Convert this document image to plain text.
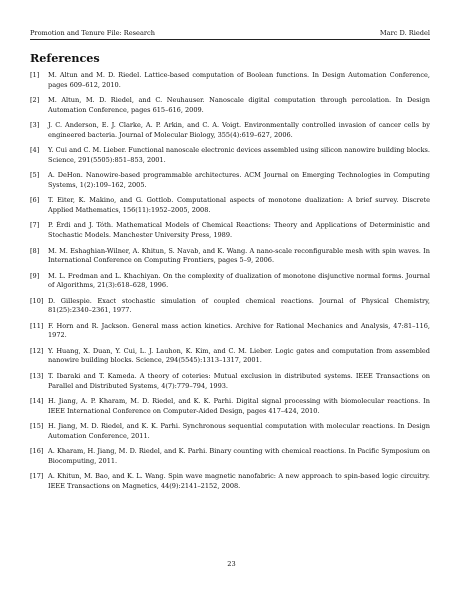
Promotion and Tenure File: Research	Marc D. Riedel
References
[1]	M. Altun and M. D. Riedel. Lattice-based computation of Boolean functions. In Design Automation Conference, pages 609–612, 2010.
[2]	M. Altun, M. D. Riedel, and C. Neuhauser. Nanoscale digital computation through percolation. In Design Automation Conference, pages 615–616, 2009.
[3]	J. C. Anderson, E. J. Clarke, A. P. Arkin, and C. A. Voigt. Environmentally controlled invasion of cancer cells by engineered bacteria. Journal of Molecular Biology, 355(4):619–627, 2006.
[4]	Y. Cui and C. M. Lieber. Functional nanoscale electronic devices assembled using silicon nanowire building blocks. Science, 291(5505):851–853, 2001.
[5]	A. DeHon. Nanowire-based programmable architectures. ACM Journal on Emerging Technologies in Computing Systems, 1(2):109–162, 2005.
[6]	T. Eiter, K. Makino, and G. Gottlob. Computational aspects of monotone dualization: A brief survey. Discrete Applied Mathematics, 156(11):1952–2005, 2008.
[7]	P. Érdi and J. Tóth. Mathematical Models of Chemical Reactions: Theory and Applications of Deterministic and Stochastic Models. Manchester University Press, 1989.
[8]	M. M. Eshaghian-Wilner, A. Khitun, S. Navab, and K. Wang. A nano-scale reconfigurable mesh with spin waves. In International Conference on Computing Frontiers, pages 5–9, 2006.
[9]	M. L. Fredman and L. Khachiyan. On the complexity of dualization of monotone disjunctive normal forms. Journal of Algorithms, 21(3):618–628, 1996.
[10] D. Gillespie. Exact stochastic simulation of coupled chemical reactions. Journal of Physical Chemistry, 81(25):2340–2361, 1977.
[11] F. Horn and R. Jackson. General mass action kinetics. Archive for Rational Mechanics and Analysis, 47:81–116, 1972.
[12] Y. Huang, X. Duan, Y. Cui, L. J. Lauhon, K. Kim, and C. M. Lieber. Logic gates and computation from assembled nanowire building blocks. Science, 294(5545):1313–1317, 2001.
[13] T. Ibaraki and T. Kameda. A theory of coteries: Mutual exclusion in distributed systems. IEEE Transactions on Parallel and Distributed Systems, 4(7):779–794, 1993.
[14] H. Jiang, A. P. Kharam, M. D. Riedel, and K. K. Parhi. Digital signal processing with biomolecular reactions. In IEEE International Conference on Computer-Aided Design, pages 417–424, 2010.
[15] H. Jiang, M. D. Riedel, and K. K. Parhi. Synchronous sequential computation with molecular reactions. In Design Automation Conference, 2011.
[16] A. Kharam, H. Jiang, M. D. Riedel, and K. Parhi. Binary counting with chemical reactions. In Pacific Symposium on Biocomputing, 2011.
[17] A. Khitun, M. Bao, and K. L. Wang. Spin wave magnetic nanofabric: A new approach to spin-based logic circuitry. IEEE Transactions on Magnetics, 44(9):2141–2152, 2008.
23
